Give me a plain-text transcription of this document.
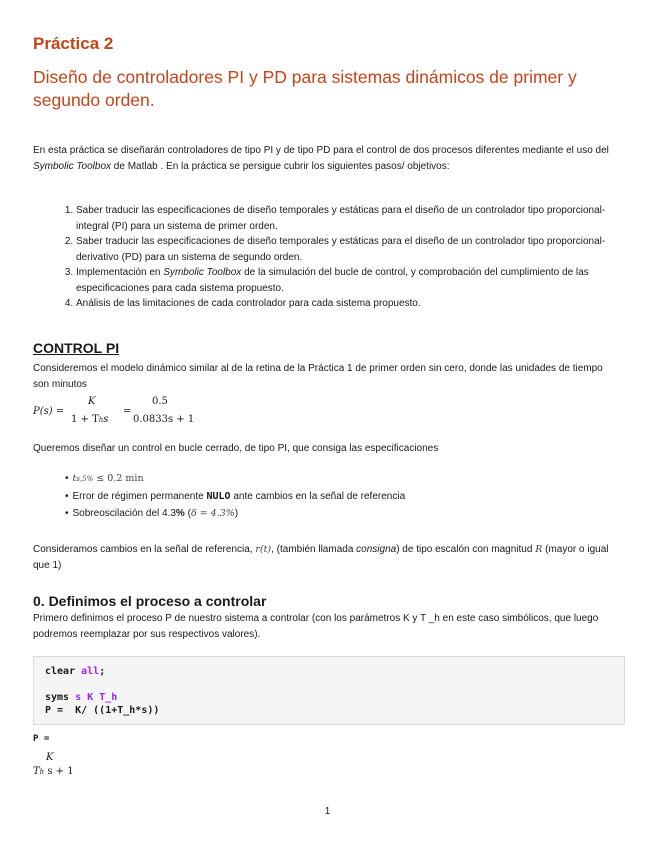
Práctica 2
Diseño de controladores PI y PD para sistemas dinámicos de primer y segundo orden.
En esta práctica se diseñarán controladores de tipo PI y de tipo PD para el control de dos procesos diferentes mediante el uso del Symbolic Toolbox de Matlab . En la práctica se persigue cubrir los siguientes pasos/ objetivos:
1. Saber traducir las especificaciones de diseño temporales y estáticas para el diseño de un controlador tipo proporcional-integral (PI) para un sistema de primer orden.
2. Saber traducir las especificaciones de diseño temporales y estáticas para el diseño de un controlador tipo proporcional-derivativo (PD) para un sistema de segundo orden.
3. Implementación en Symbolic Toolbox de la simulación del bucle de control, y comprobación del cumplimiento de las especificaciones para cada sistema propuesto.
4. Análisis de las limitaciones de cada controlador para cada sistema propuesto.
CONTROL PI
Consideremos el modelo dinámico similar al de la retina de la Práctica 1 de primer orden sin cero, donde las unidades de tiempo son minutos
P(s) =
K
1 + Ths
=
0.5
0.0833s + 1
Queremos diseñar un control en bucle cerrado, de tipo PI, que consiga las especificaciones
• ts,5% ≤ 0.2 min
• Error de régimen permanente NULO ante cambios en la señal de referencia
• Sobreoscilación del 4.3% (δ = 4.3%)
Consideramos cambios en la señal de referencia, r(t), (también llamada consigna) de tipo escalón con magnitud R (mayor o igual que 1)
0. Definimos el proceso a controlar
Primero definimos el proceso P de nuestro sistema a controlar (con los parámetros K y T _h en este caso simbólicos, que luego podremos reemplazar por sus respectivos valores).
clear all;
syms s K T_h
P =  K/ ((1+T_h*s))
P =
K
Th s + 1
1
